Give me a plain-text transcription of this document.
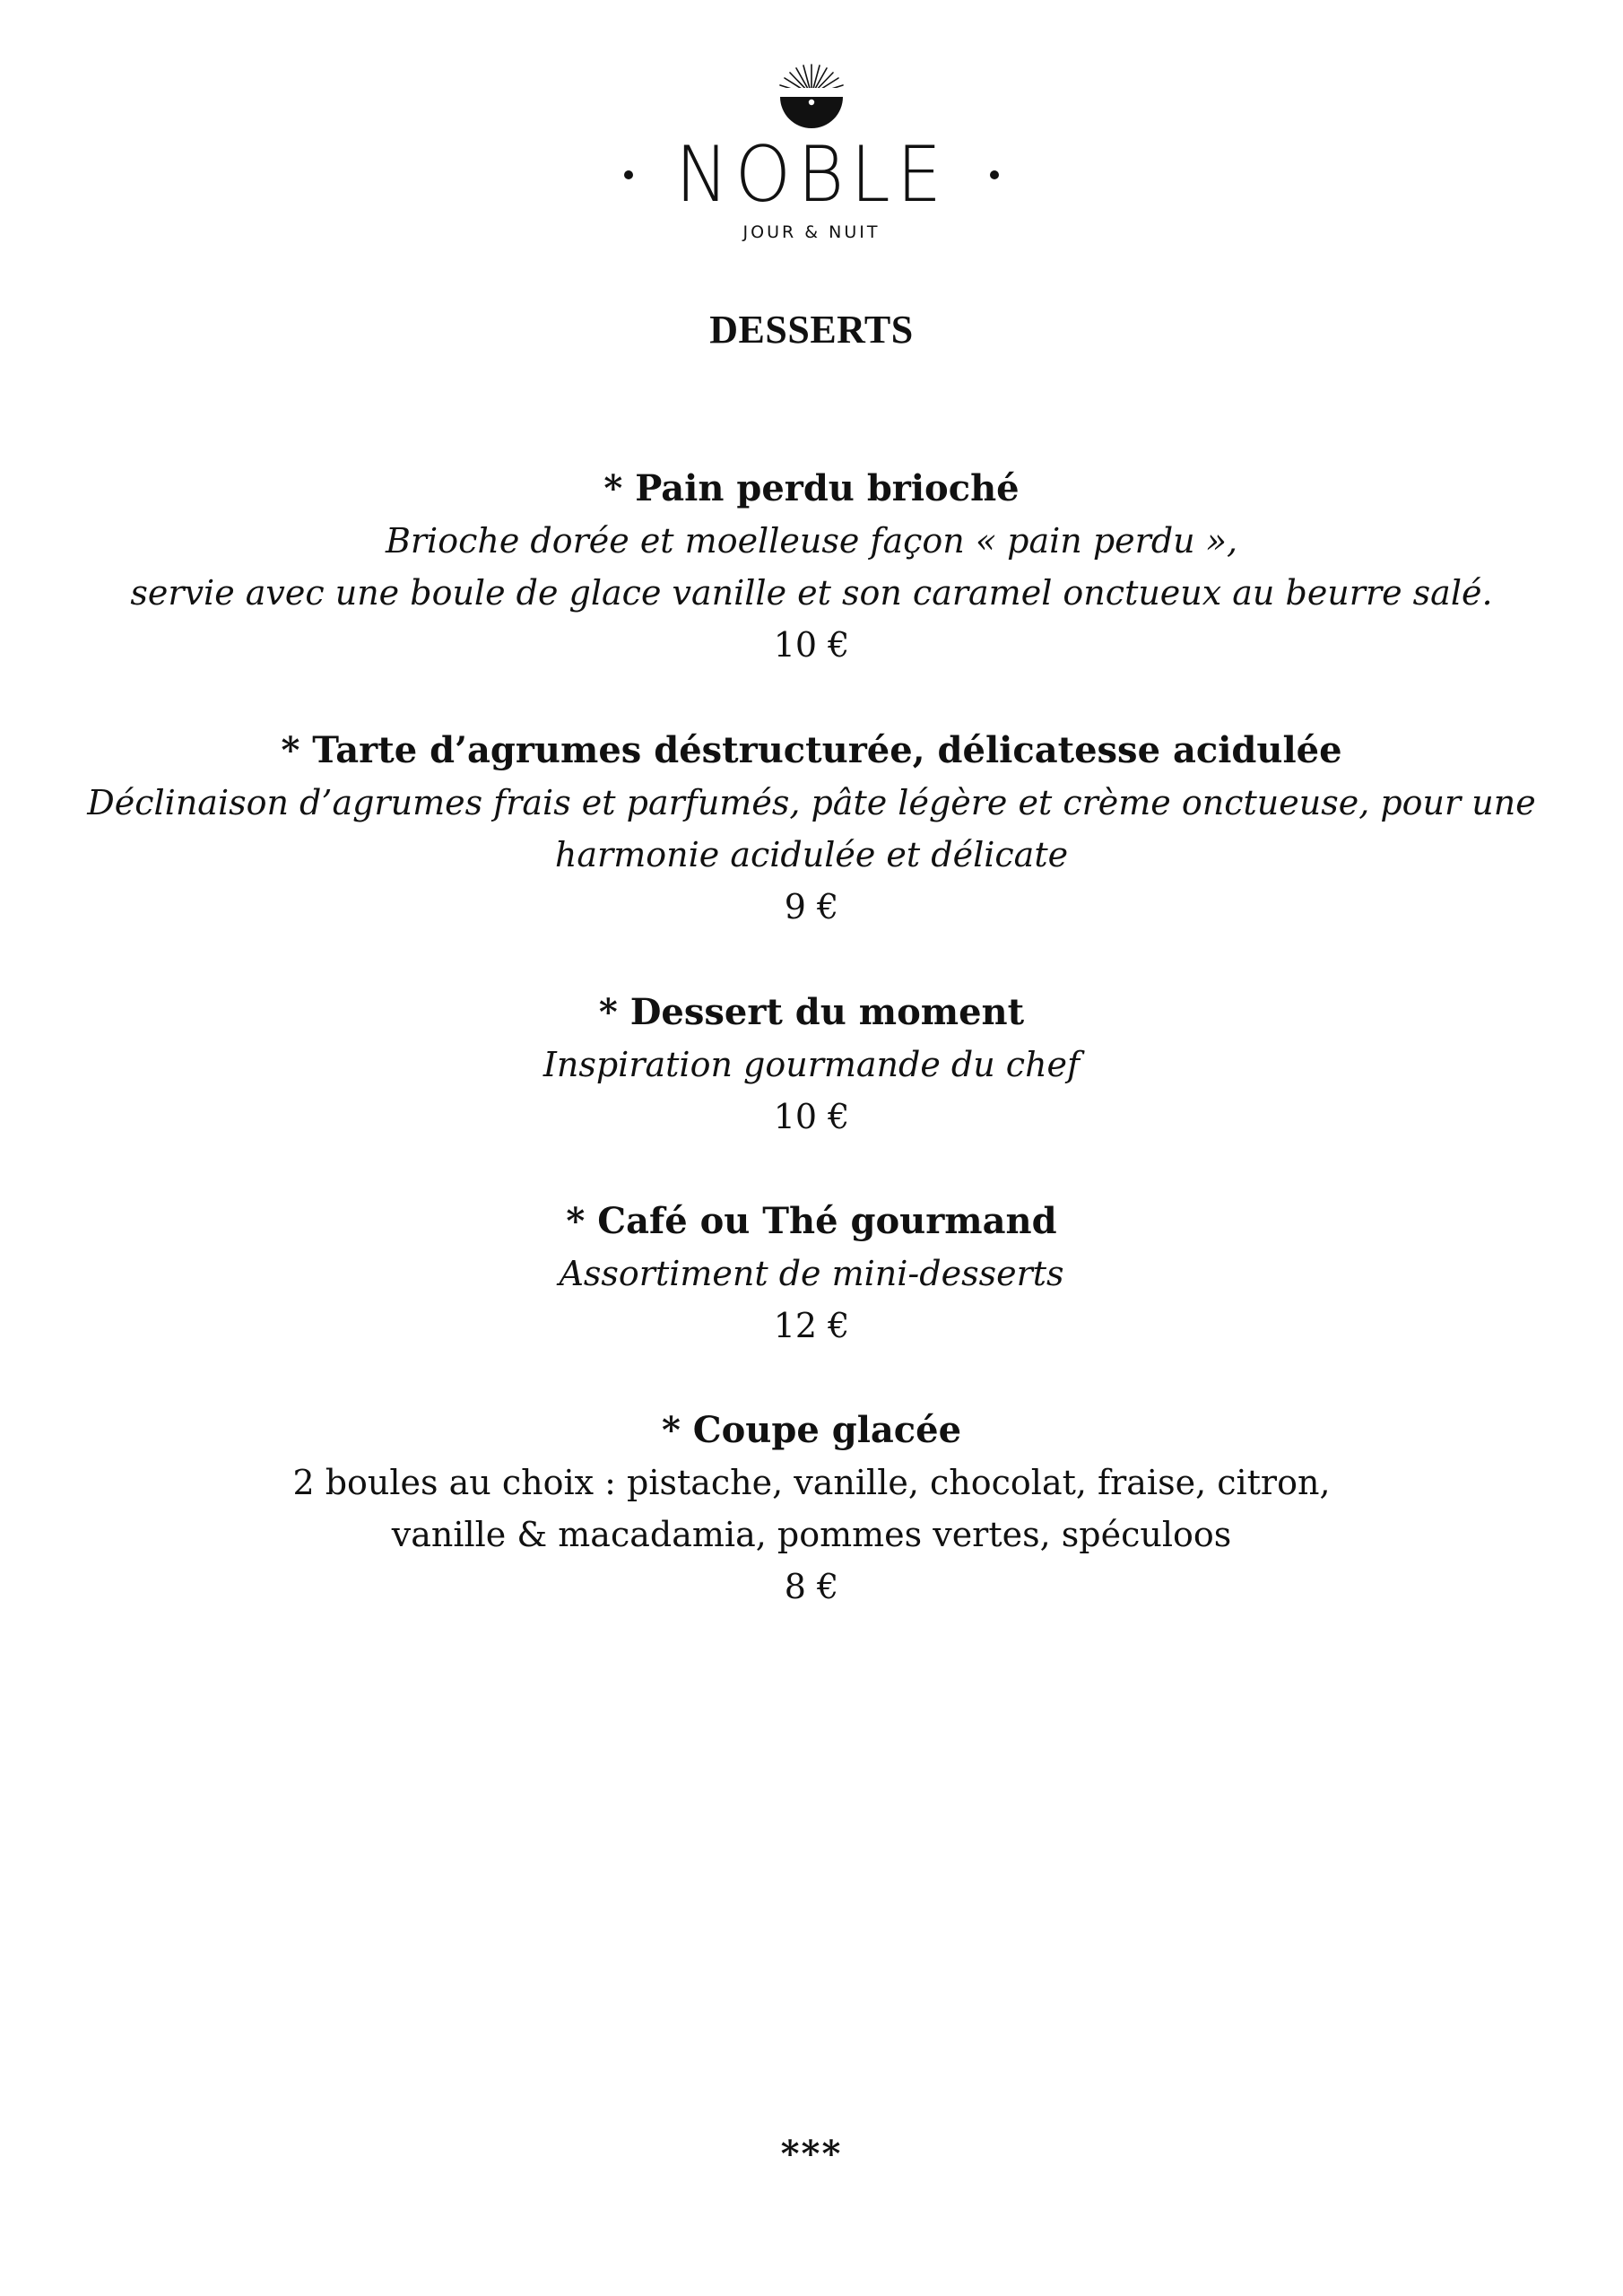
NOBLE
JOUR & NUIT
DESSERTS
* Pain perdu brioché
Brioche dorée et moelleuse façon « pain perdu »,
servie avec une boule de glace vanille et son caramel onctueux au beurre salé.
10 €
* Tarte d’agrumes déstructurée, délicatesse acidulée
Déclinaison d’agrumes frais et parfumés, pâte légère et crème onctueuse, pour une
harmonie acidulée et délicate
9 €
* Dessert du moment
Inspiration gourmande du chef
10 €
* Café ou Thé gourmand
Assortiment de mini-desserts
12 €
* Coupe glacée
2 boules au choix : pistache, vanille, chocolat, fraise, citron,
vanille & macadamia, pommes vertes, spéculoos
8 €
***
